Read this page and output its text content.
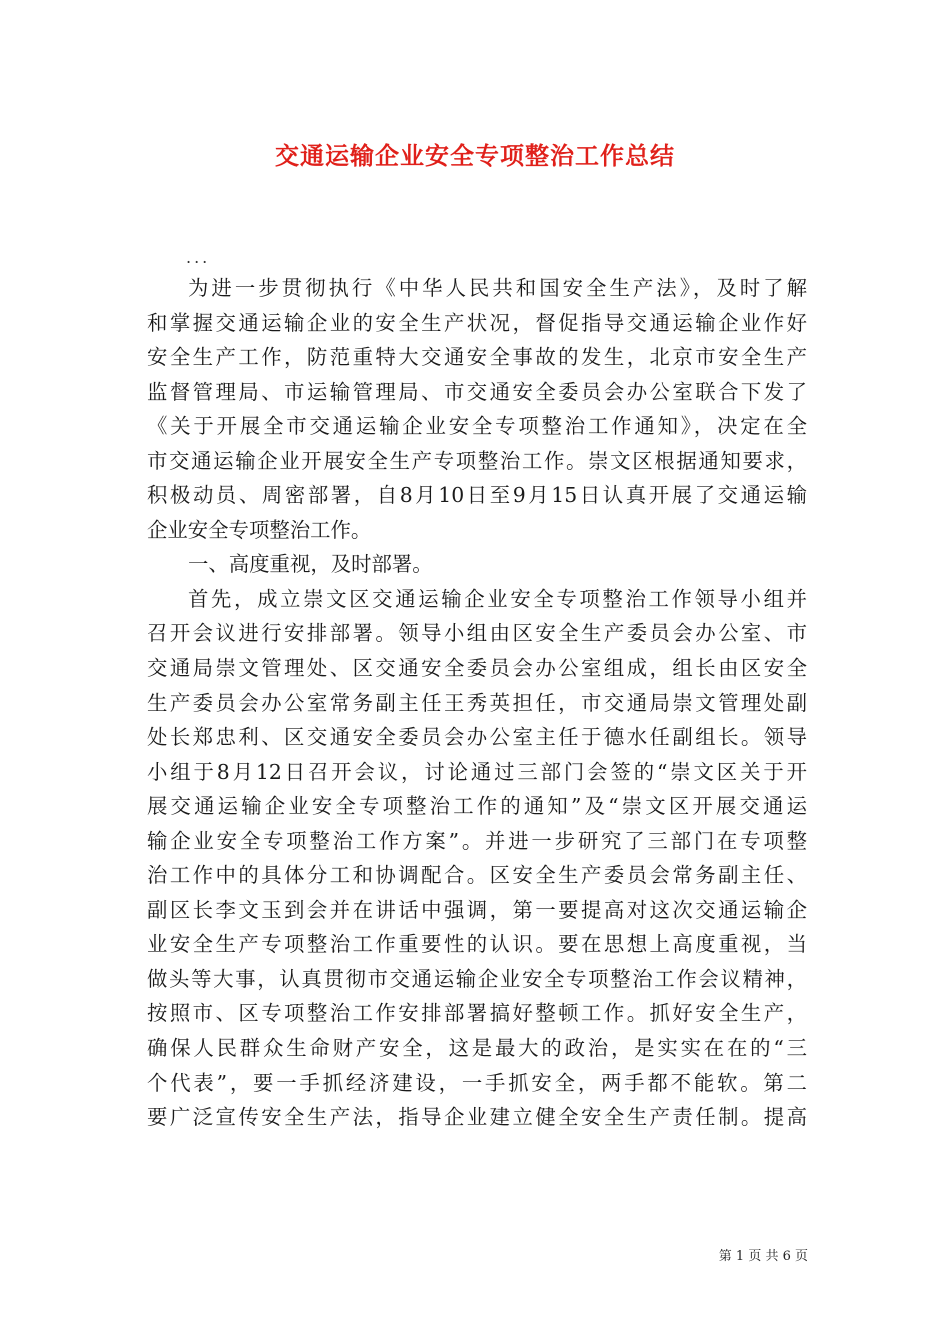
交通运输企业安全专项整治工作总结
...
为进一步贯彻执行《中华人民共和国安全生产法》，及时了解
和掌握交通运输企业的安全生产状况，督促指导交通运输企业作好
安全生产工作，防范重特大交通安全事故的发生，北京市安全生产
监督管理局、市运输管理局、市交通安全委员会办公室联合下发了
《关于开展全市交通运输企业安全专项整治工作通知》，决定在全
市交通运输企业开展安全生产专项整治工作。崇文区根据通知要求，
积极动员、周密部署，自8月10日至9月15日认真开展了交通运输
企业安全专项整治工作。
一、高度重视，及时部署。
首先，成立崇文区交通运输企业安全专项整治工作领导小组并
召开会议进行安排部署。领导小组由区安全生产委员会办公室、市
交通局崇文管理处、区交通安全委员会办公室组成，组长由区安全
生产委员会办公室常务副主任王秀英担任，市交通局崇文管理处副
处长郑忠利、区交通安全委员会办公室主任于德水任副组长。领导
小组于8月12日召开会议，讨论通过三部门会签的“崇文区关于开
展交通运输企业安全专项整治工作的通知”及“崇文区开展交通运
输企业安全专项整治工作方案”。并进一步研究了三部门在专项整
治工作中的具体分工和协调配合。区安全生产委员会常务副主任、
副区长李文玉到会并在讲话中强调，第一要提高对这次交通运输企
业安全生产专项整治工作重要性的认识。要在思想上高度重视，当
做头等大事，认真贯彻市交通运输企业安全专项整治工作会议精神，
按照市、区专项整治工作安排部署搞好整顿工作。抓好安全生产，
确保人民群众生命财产安全，这是最大的政治，是实实在在的“三
个代表”，要一手抓经济建设，一手抓安全，两手都不能软。第二
要广泛宣传安全生产法，指导企业建立健全安全生产责任制。提高
第 1 页 共 6 页
